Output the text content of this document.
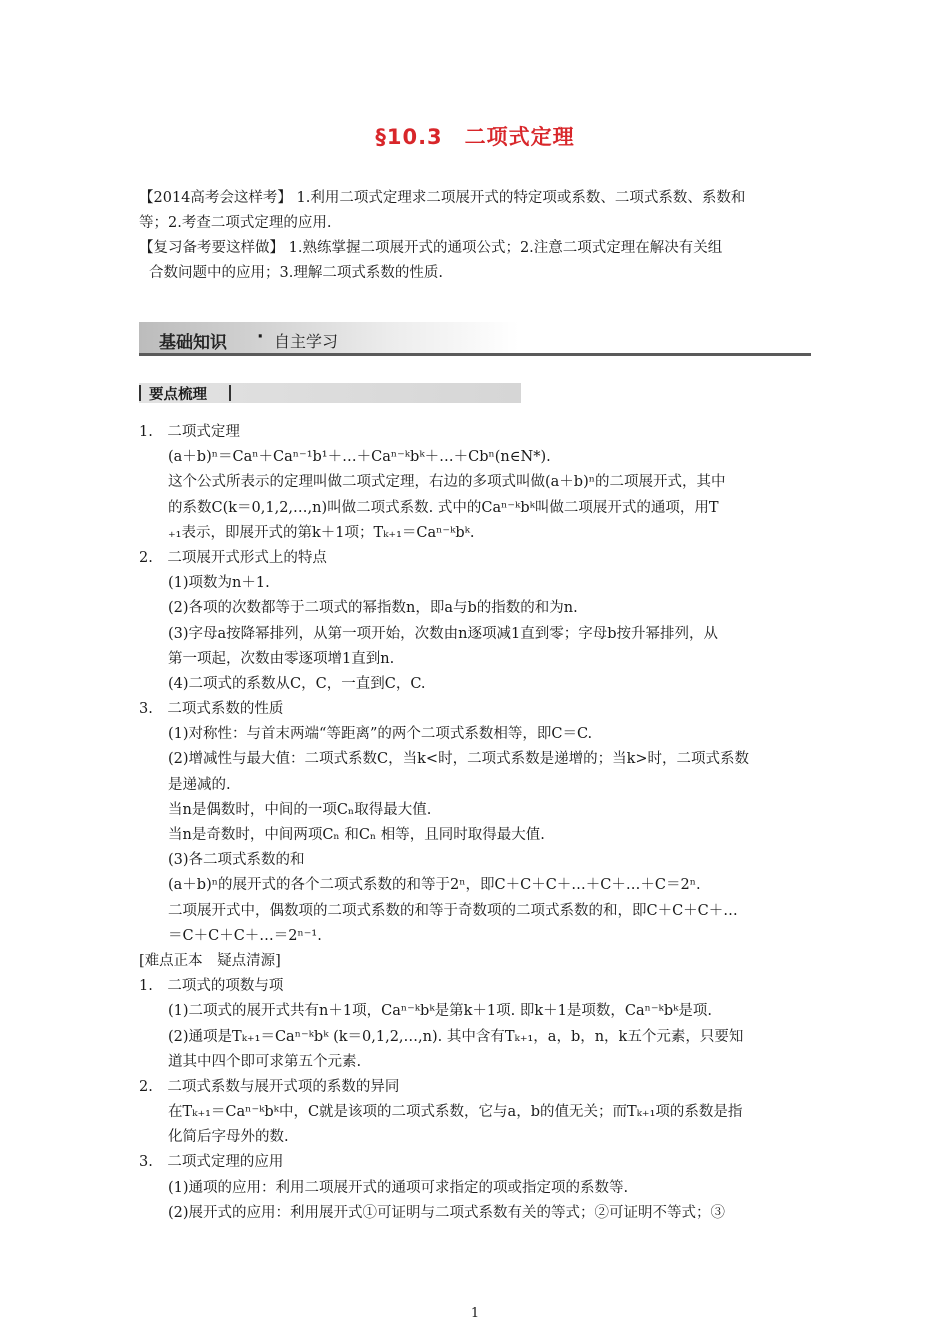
§10.3　二项式定理
【2014高考会这样考】 1.利用二项式定理求二项展开式的特定项或系数、二项式系数、系数和
等；2.考查二项式定理的应用.
【复习备考要这样做】 1.熟练掌握二项展开式的通项公式；2.注意二项式定理在解决有关组
合数问题中的应用；3.理解二项式系数的性质.
基础知识 · 自主学习
要点梳理
1.　二项式定理
　　(a＋b)ⁿ＝Caⁿ＋Caⁿ⁻¹b¹＋…＋Caⁿ⁻ᵏbᵏ＋…＋Cbⁿ(n∈N*).
　　这个公式所表示的定理叫做二项式定理，右边的多项式叫做(a＋b)ⁿ的二项展开式，其中
　　的系数C(k＝0,1,2,…,n)叫做二项式系数. 式中的Caⁿ⁻ᵏbᵏ叫做二项展开式的通项，用T
　　₊₁表示，即展开式的第k＋1项；Tₖ₊₁＝Caⁿ⁻ᵏbᵏ.
2.　二项展开式形式上的特点
　　(1)项数为n＋1.
　　(2)各项的次数都等于二项式的幂指数n，即a与b的指数的和为n.
　　(3)字母a按降幂排列，从第一项开始，次数由n逐项减1直到零；字母b按升幂排列，从
　　第一项起，次数由零逐项增1直到n.
　　(4)二项式的系数从C，C，一直到C，C.
3.　二项式系数的性质
　　(1)对称性：与首末两端“等距离”的两个二项式系数相等，即C＝C.
　　(2)增减性与最大值：二项式系数C，当k<时，二项式系数是递增的；当k>时，二项式系数
　　是递减的.
　　当n是偶数时，中间的一项Cₙ取得最大值.
　　当n是奇数时，中间两项Cₙ 和Cₙ 相等，且同时取得最大值.
　　(3)各二项式系数的和
　　(a＋b)ⁿ的展开式的各个二项式系数的和等于2ⁿ，即C＋C＋C＋…＋C＋…＋C＝2ⁿ.
　　二项展开式中，偶数项的二项式系数的和等于奇数项的二项式系数的和，即C＋C＋C＋…
　　＝C＋C＋C＋…＝2ⁿ⁻¹.
[难点正本　疑点清源]
1.　二项式的项数与项
　　(1)二项式的展开式共有n＋1项，Caⁿ⁻ᵏbᵏ是第k＋1项. 即k＋1是项数，Caⁿ⁻ᵏbᵏ是项.
　　(2)通项是Tₖ₊₁＝Caⁿ⁻ᵏbᵏ (k＝0,1,2,…,n). 其中含有Tₖ₊₁，a，b，n，k五个元素，只要知
　　道其中四个即可求第五个元素.
2.　二项式系数与展开式项的系数的异同
　　在Tₖ₊₁＝Caⁿ⁻ᵏbᵏ中，C就是该项的二项式系数，它与a，b的值无关；而Tₖ₊₁项的系数是指
　　化简后字母外的数.
3.　二项式定理的应用
　　(1)通项的应用：利用二项展开式的通项可求指定的项或指定项的系数等.
　　(2)展开式的应用：利用展开式①可证明与二项式系数有关的等式；②可证明不等式；③
1
